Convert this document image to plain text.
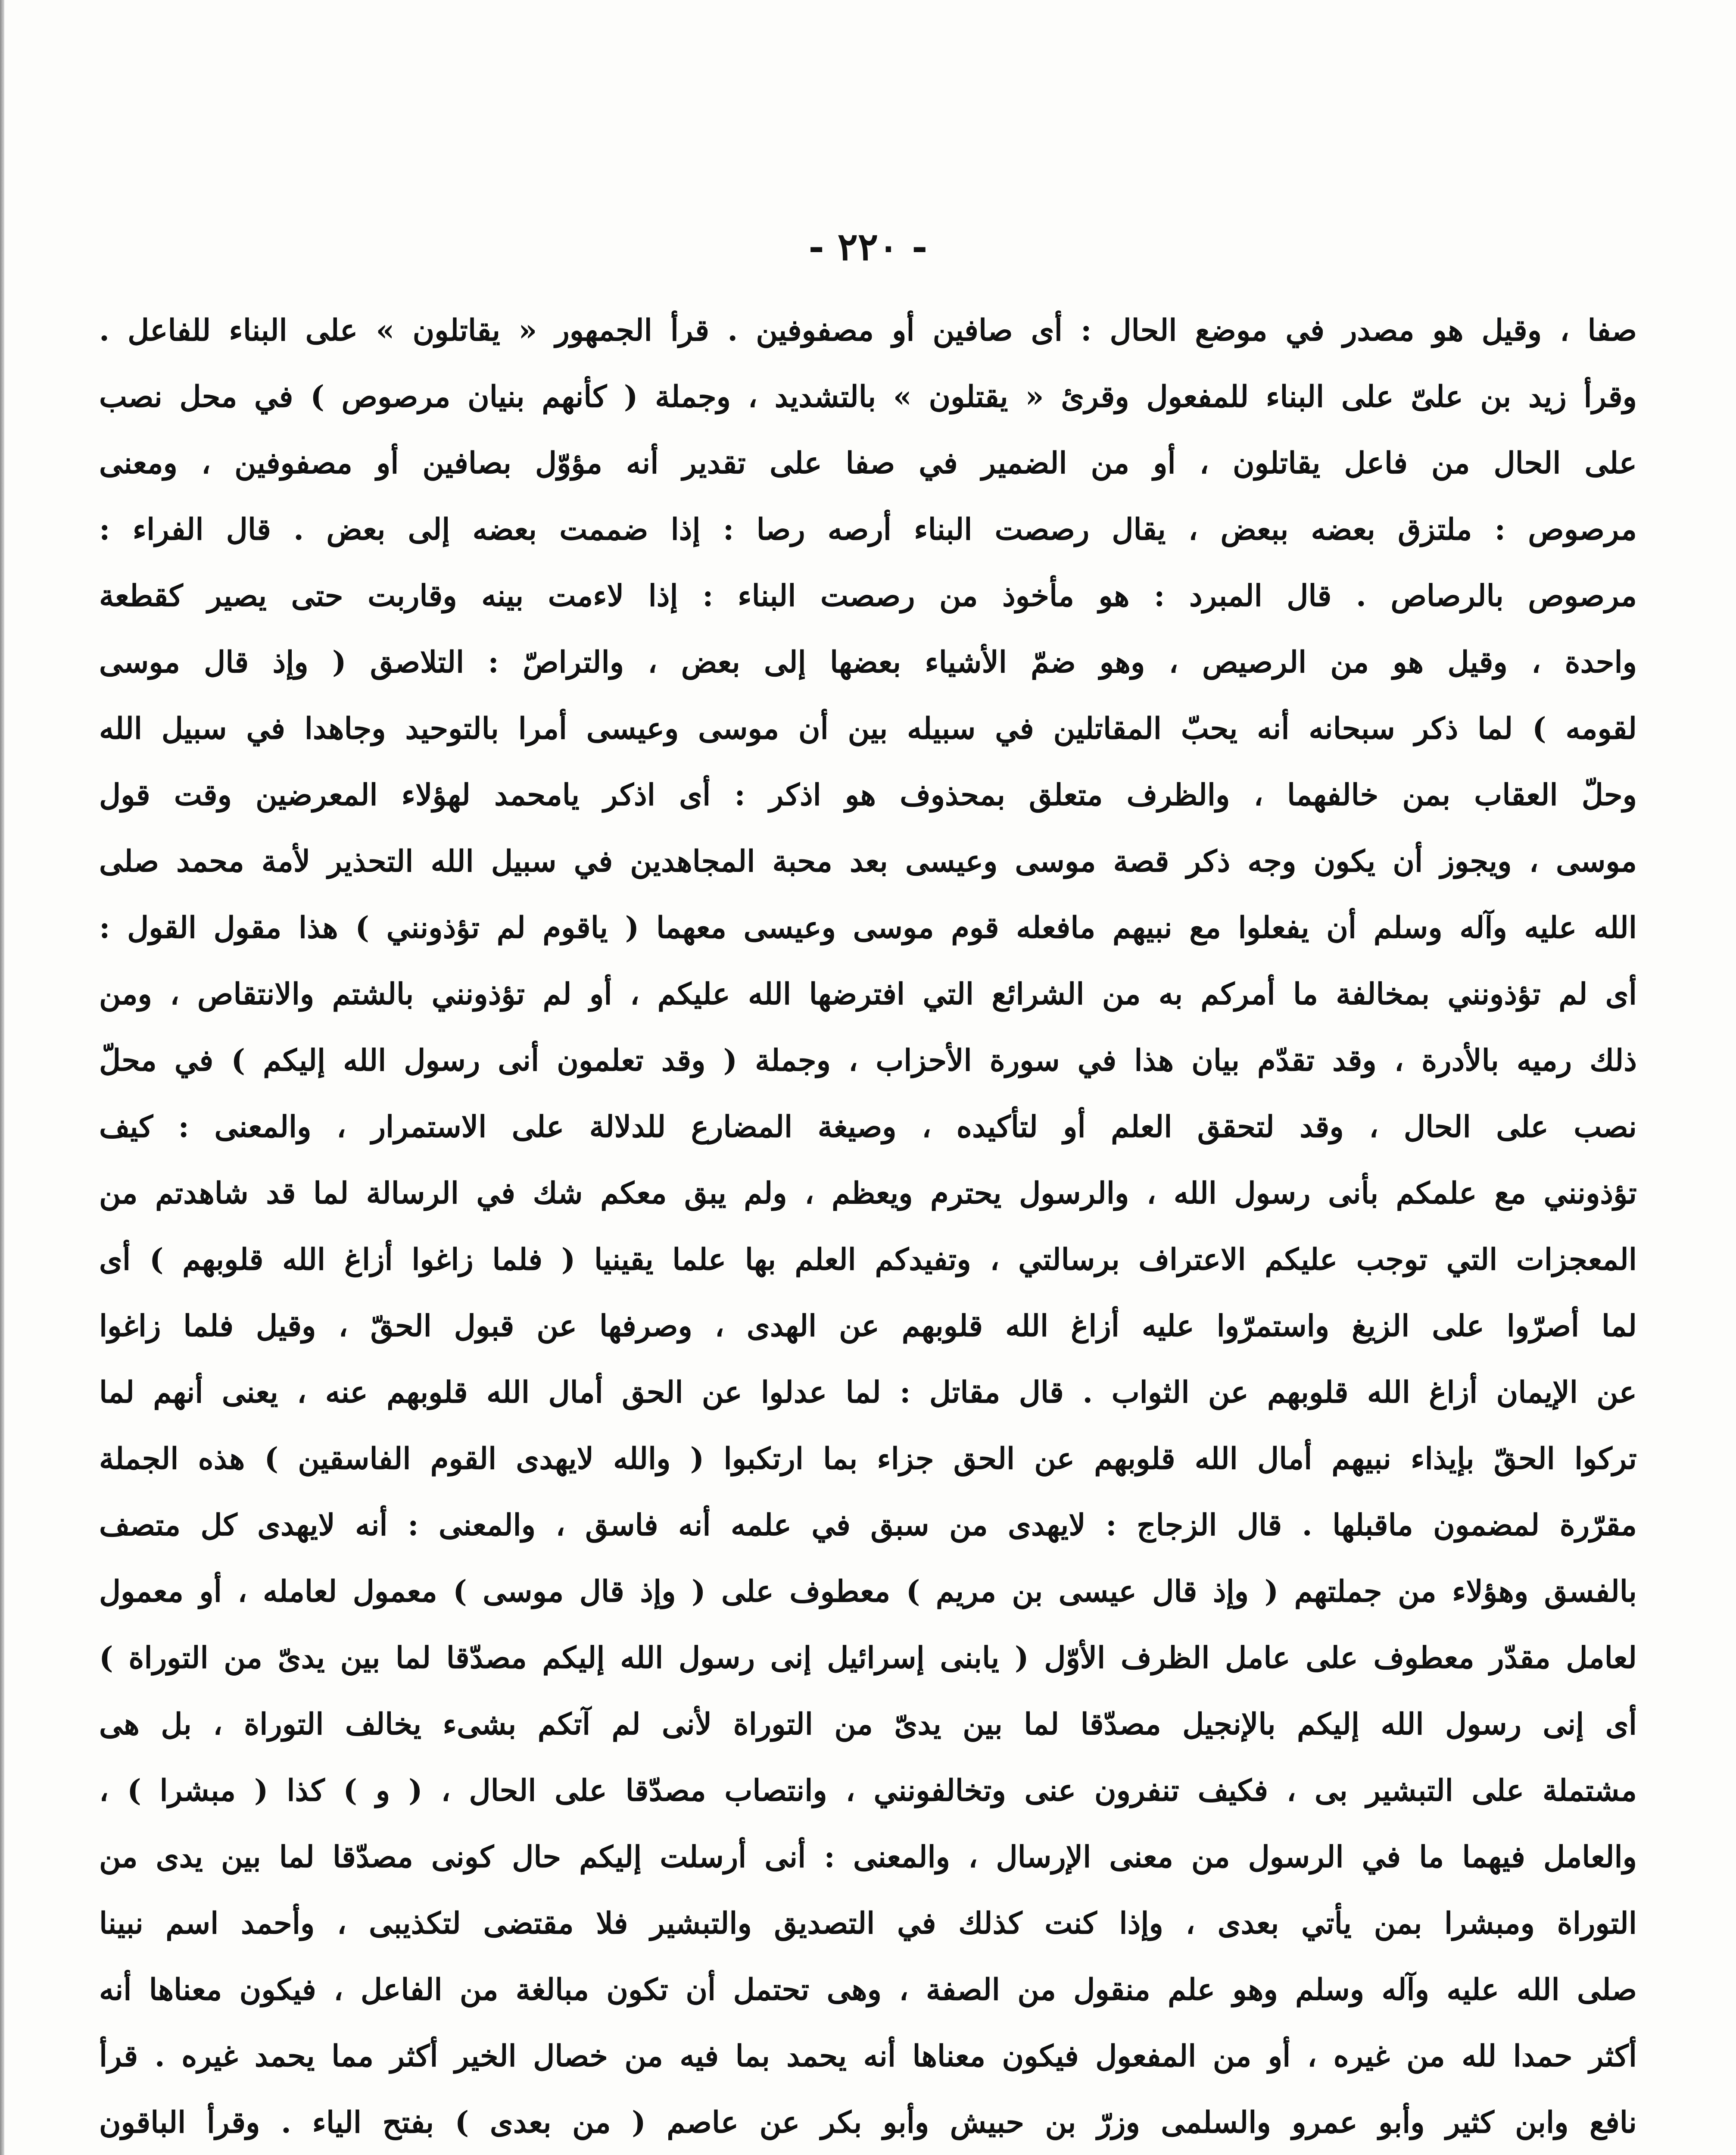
- ٢٢٠ -
صفا ، وقيل هو مصدر في موضع الحال : أى صافين أو مصفوفين . قرأ الجمهور « يقاتلون » على البناء للفاعل .
وقرأ زيد بن علىّ على البناء للمفعول وقرئ « يقتلون » بالتشديد ، وجملة ( كأنهم بنيان مرصوص ) في محل نصب
على الحال من فاعل يقاتلون ، أو من الضمير في صفا على تقدير أنه مؤوّل بصافين أو مصفوفين ، ومعنى
مرصوص : ملتزق بعضه ببعض ، يقال رصصت البناء أرصه رصا : إذا ضممت بعضه إلى بعض . قال الفراء :
مرصوص بالرصاص . قال المبرد : هو مأخوذ من رصصت البناء : إذا لاءمت بينه وقاربت حتى يصير كقطعة
واحدة ، وقيل هو من الرصيص ، وهو ضمّ الأشياء بعضها إلى بعض ، والتراصّ : التلاصق ( وإذ قال موسى
لقومه ) لما ذكر سبحانه أنه يحبّ المقاتلين في سبيله بين أن موسى وعيسى أمرا بالتوحيد وجاهدا في سبيل الله
وحلّ العقاب بمن خالفهما ، والظرف متعلق بمحذوف هو اذكر : أى اذكر يامحمد لهؤلاء المعرضين وقت قول
موسى ، ويجوز أن يكون وجه ذكر قصة موسى وعيسى بعد محبة المجاهدين في سبيل الله التحذير لأمة محمد صلى
الله عليه وآله وسلم أن يفعلوا مع نبيهم مافعله قوم موسى وعيسى معهما ( ياقوم لم تؤذونني ) هذا مقول القول :
أى لم تؤذونني بمخالفة ما أمركم به من الشرائع التي افترضها الله عليكم ، أو لم تؤذونني بالشتم والانتقاص ، ومن
ذلك رميه بالأدرة ، وقد تقدّم بيان هذا في سورة الأحزاب ، وجملة ( وقد تعلمون أنى رسول الله إليكم ) في محلّ
نصب على الحال ، وقد لتحقق العلم أو لتأكيده ، وصيغة المضارع للدلالة على الاستمرار ، والمعنى : كيف
تؤذونني مع علمكم بأنى رسول الله ، والرسول يحترم ويعظم ، ولم يبق معكم شك في الرسالة لما قد شاهدتم من
المعجزات التي توجب عليكم الاعتراف برسالتي ، وتفيدكم العلم بها علما يقينيا ( فلما زاغوا أزاغ الله قلوبهم ) أى
لما أصرّوا على الزيغ واستمرّوا عليه أزاغ الله قلوبهم عن الهدى ، وصرفها عن قبول الحقّ ، وقيل فلما زاغوا
عن الإيمان أزاغ الله قلوبهم عن الثواب . قال مقاتل : لما عدلوا عن الحق أمال الله قلوبهم عنه ، يعنى أنهم لما
تركوا الحقّ بإيذاء نبيهم أمال الله قلوبهم عن الحق جزاء بما ارتكبوا ( والله لايهدى القوم الفاسقين ) هذه الجملة
مقرّرة لمضمون ماقبلها . قال الزجاج : لايهدى من سبق في علمه أنه فاسق ، والمعنى : أنه لايهدى كل متصف
بالفسق وهؤلاء من جملتهم ( وإذ قال عيسى بن مريم ) معطوف على ( وإذ قال موسى ) معمول لعامله ، أو معمول
لعامل مقدّر معطوف على عامل الظرف الأوّل ( يابنى إسرائيل إنى رسول الله إليكم مصدّقا لما بين يدىّ من التوراة )
أى إنى رسول الله إليكم بالإنجيل مصدّقا لما بين يدىّ من التوراة لأنى لم آتكم بشىء يخالف التوراة ، بل هى
مشتملة على التبشير بى ، فكيف تنفرون عنى وتخالفونني ، وانتصاب مصدّقا على الحال ، ( و ) كذا ( مبشرا ) ،
والعامل فيهما ما في الرسول من معنى الإرسال ، والمعنى : أنى أرسلت إليكم حال كونى مصدّقا لما بين يدى من
التوراة ومبشرا بمن يأتي بعدى ، وإذا كنت كذلك في التصديق والتبشير فلا مقتضى لتكذيبى ، وأحمد اسم نبينا
صلى الله عليه وآله وسلم وهو علم منقول من الصفة ، وهى تحتمل أن تكون مبالغة من الفاعل ، فيكون معناها أنه
أكثر حمدا لله من غيره ، أو من المفعول فيكون معناها أنه يحمد بما فيه من خصال الخير أكثر مما يحمد غيره . قرأ
نافع وابن كثير وأبو عمرو والسلمى وزرّ بن حبيش وأبو بكر عن عاصم ( من بعدى ) بفتح الياء . وقرأ الباقون
